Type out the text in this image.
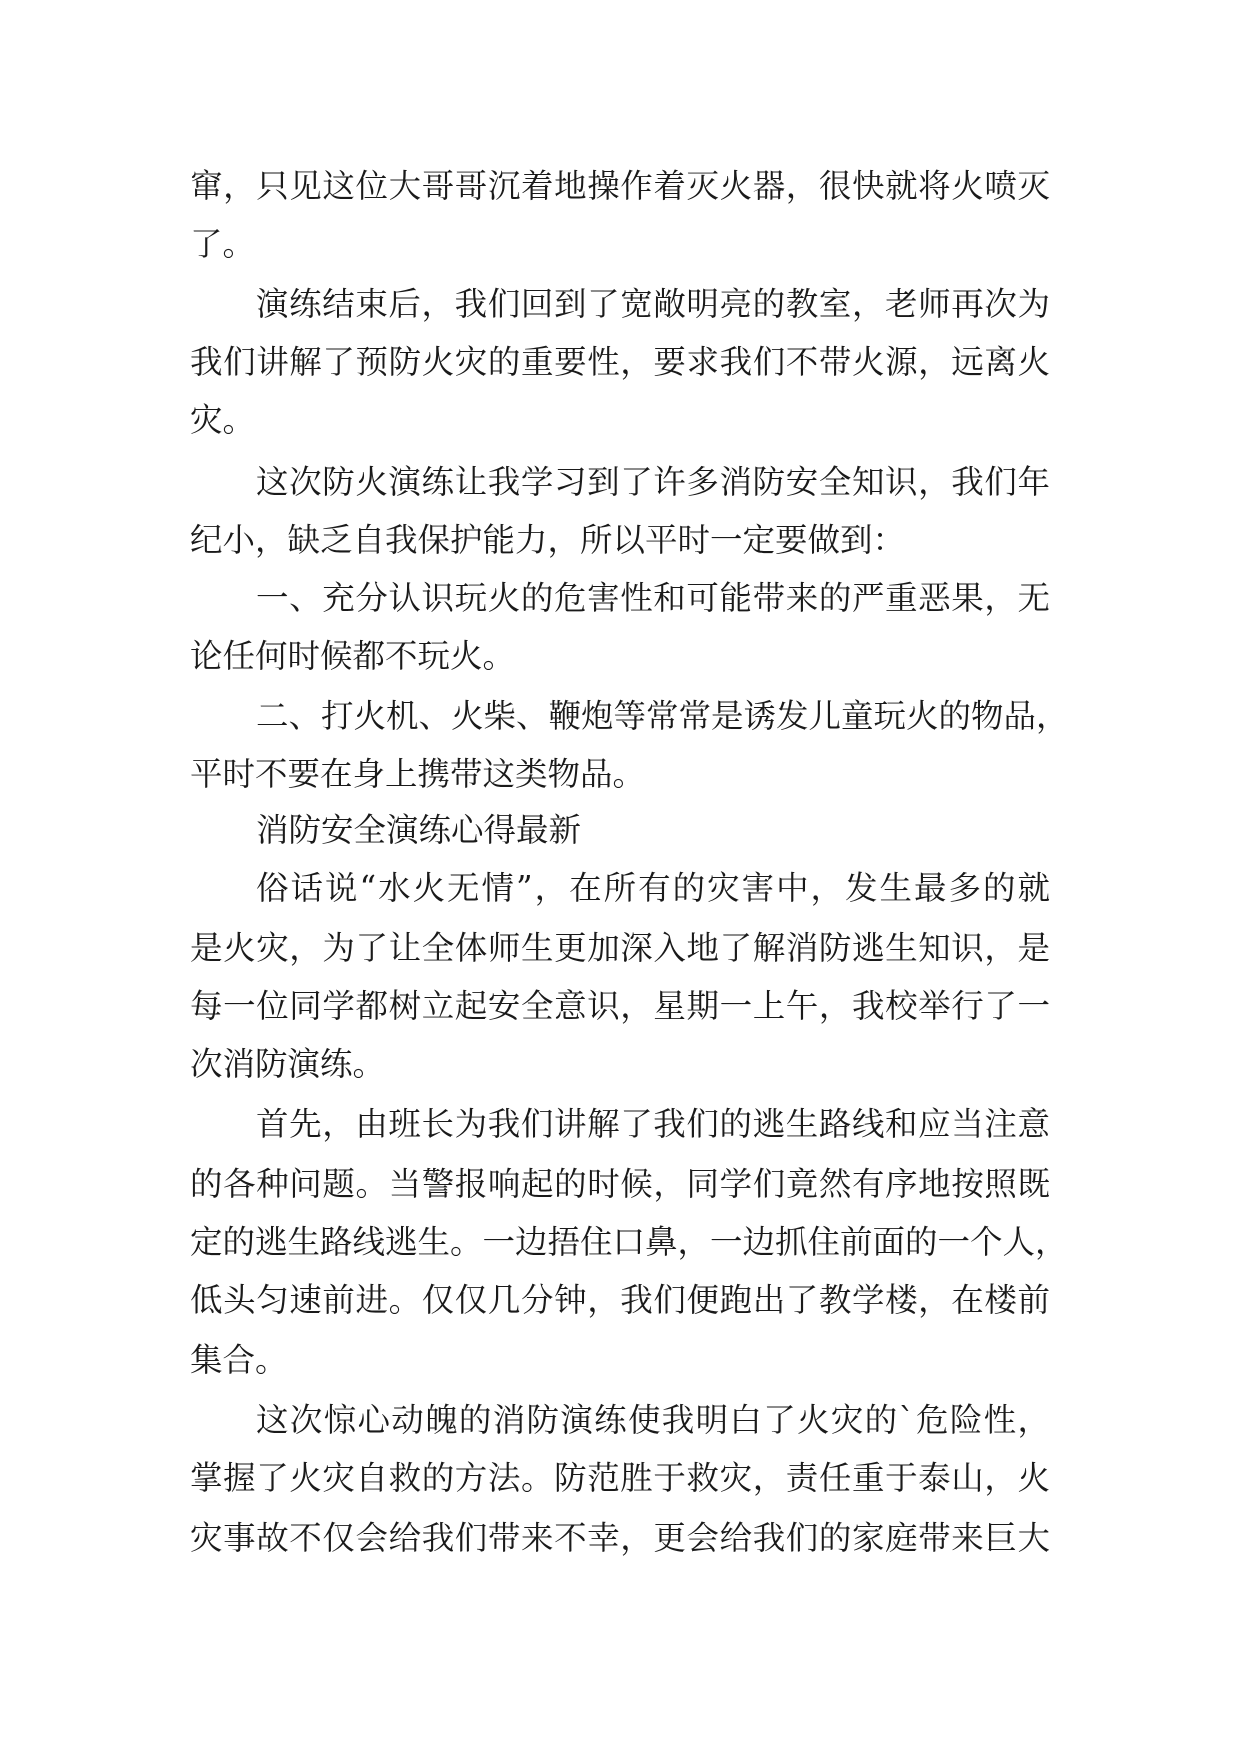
窜，只见这位大哥哥沉着地操作着灭火器，很快就将火喷灭
了。
演练结束后，我们回到了宽敞明亮的教室，老师再次为
我们讲解了预防火灾的重要性，要求我们不带火源，远离火
灾。
这次防火演练让我学习到了许多消防安全知识，我们年
纪小，缺乏自我保护能力，所以平时一定要做到：
一、充分认识玩火的危害性和可能带来的严重恶果，无
论任何时候都不玩火。
二、打火机、火柴、鞭炮等常常是诱发儿童玩火的物品，
平时不要在身上携带这类物品。
消防安全演练心得最新
俗话说“水火无情”，在所有的灾害中，发生最多的就
是火灾，为了让全体师生更加深入地了解消防逃生知识，是
每一位同学都树立起安全意识，星期一上午，我校举行了一
次消防演练。
首先，由班长为我们讲解了我们的逃生路线和应当注意
的各种问题。当警报响起的时候，同学们竟然有序地按照既
定的逃生路线逃生。一边捂住口鼻，一边抓住前面的一个人，
低头匀速前进。仅仅几分钟，我们便跑出了教学楼，在楼前
集合。
这次惊心动魄的消防演练使我明白了火灾的`危险性，
掌握了火灾自救的方法。防范胜于救灾，责任重于泰山，火
灾事故不仅会给我们带来不幸，更会给我们的家庭带来巨大
